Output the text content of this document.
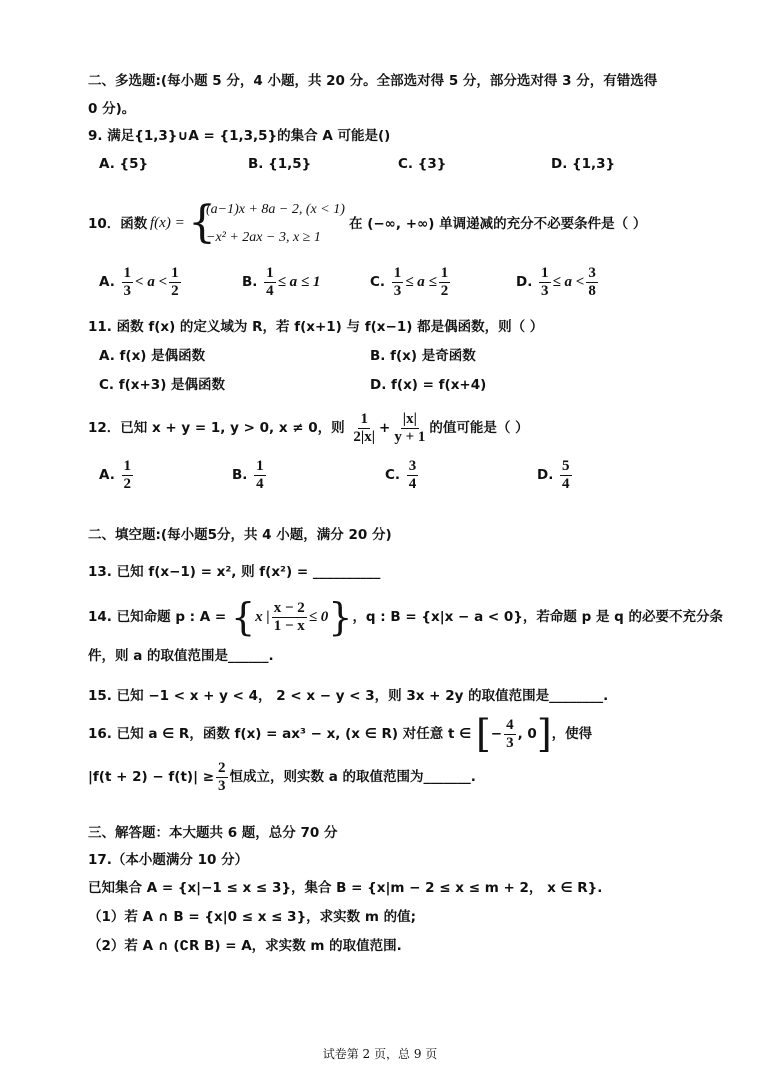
二、多选题:(每小题 5 分，4 小题，共 20 分。全部选对得 5 分，部分选对得 3 分，有错选得
0 分)。
9. 满足{1,3}∪A = {1,3,5}的集合 A 可能是()
A. {5}	B. {1,5}	C. {3}	D. {1,3}
10．函数 f(x) = {
(a−1)x + 8a − 2, (x < 1)
−x² + 2ax − 3, x ≥ 1
在 (−∞, +∞) 单调递减的充分不必要条件是（ ）
A. $\frac{1}{3} < a < \frac{1}{2}$	B. $\frac{1}{4} \le a \le 1$	C. $\frac{1}{3} \le a \le \frac{1}{2}$	D. $\frac{1}{3} \le a < \frac{3}{8}$
11. 函数 f(x) 的定义域为 R，若 f(x+1) 与 f(x−1) 都是偶函数，则（ ）
A. f(x) 是偶函数	B. f(x) 是奇函数
C. f(x+3) 是偶函数	D. f(x) = f(x+4)
12．已知 x + y = 1, y > 0, x ≠ 0，则 $\frac{1}{2|x|} + \frac{|x|}{y + 1}$ 的值可能是（ ）
A. $\frac{1}{2}$	B. $\frac{1}{4}$	C. $\frac{3}{4}$	D. $\frac{5}{4}$
二、填空题:(每小题5分，共 4 小题，满分 20 分)
13. 已知 f(x−1) = x², 则 f(x²) = __________
14. 已知命题 p : A = {x | $\frac{x - 2}{1 - x} \le 0$}，q : B = {x|x − a < 0}，若命题 p 是 q 的必要不充分条
件，则 a 的取值范围是______.
15. 已知 −1 < x + y < 4， 2 < x − y < 3，则 3x + 2y 的取值范围是________.
16. 已知 a ∈ R，函数 f(x) = ax³ − x, (x ∈ R) 对任意 t ∈ [− $\frac{4}{3}$ , 0]，使得
$|f(t + 2) - f(t)| \ge \frac{2}{3}$ 恒成立，则实数 a 的取值范围为_______.
三、解答题：本大题共 6 题，总分 70 分
17.（本小题满分 10 分）
已知集合 A = {x|−1 ≤ x ≤ 3}，集合 B = {x|m − 2 ≤ x ≤ m + 2， x ∈ R}.
（1）若 A ∩ B = {x|0 ≤ x ≤ 3}，求实数 m 的值;
（2）若 A ∩ (∁R B) = A，求实数 m 的取值范围.
试卷第 2 页，总 9 页
